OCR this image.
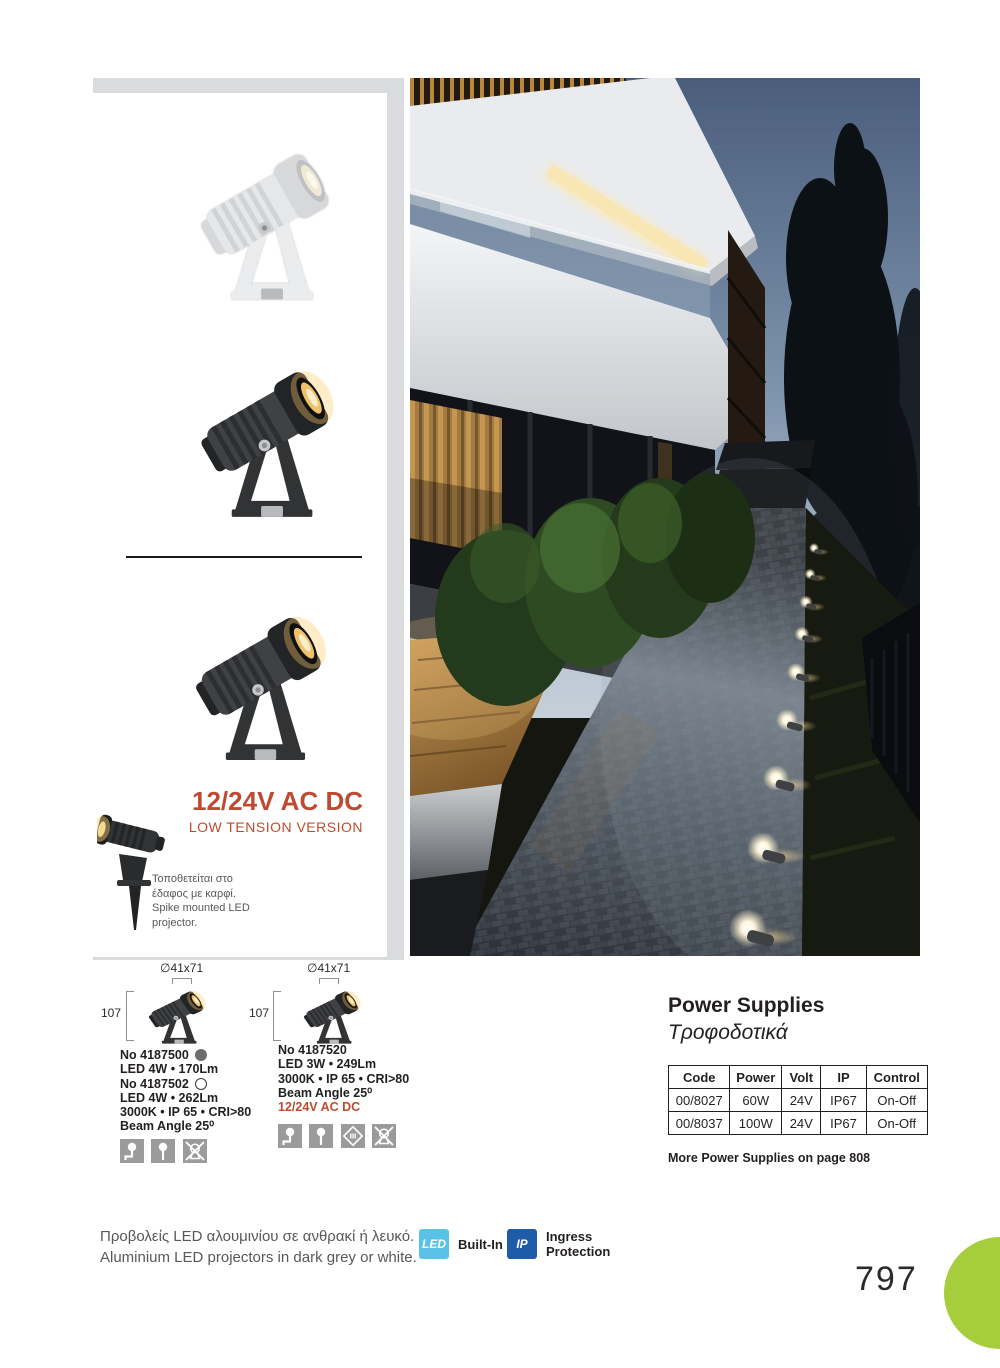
12/24V AC DC
LOW TENSION VERSION
Τοποθετείται στο έδαφος με καρφί.
Spike mounted LED projector.
∅41x71
107
∅41x71
107
No 4187500
LED 4W • 170Lm
No 4187502
LED 4W • 262Lm
3000K • IP 65 • CRI>80
Beam Angle 25⁰

No 4187520
LED 3W • 249Lm
3000K • IP 65 • CRI>80
Beam Angle 25⁰
12/24V AC DC

Power Supplies
Τροφοδοτικά
Code	Power	Volt	IP	Control
00/8027	60W	24V	IP67	On-Off
00/8037	100W	24V	IP67	On-Off
More Power Supplies on page 808
Προβολείς LED αλουμινίου σε ανθρακί ή λευκό.
Aluminium LED projectors in dark grey or white.
LED Built-In	IP	Ingress Protection
797
